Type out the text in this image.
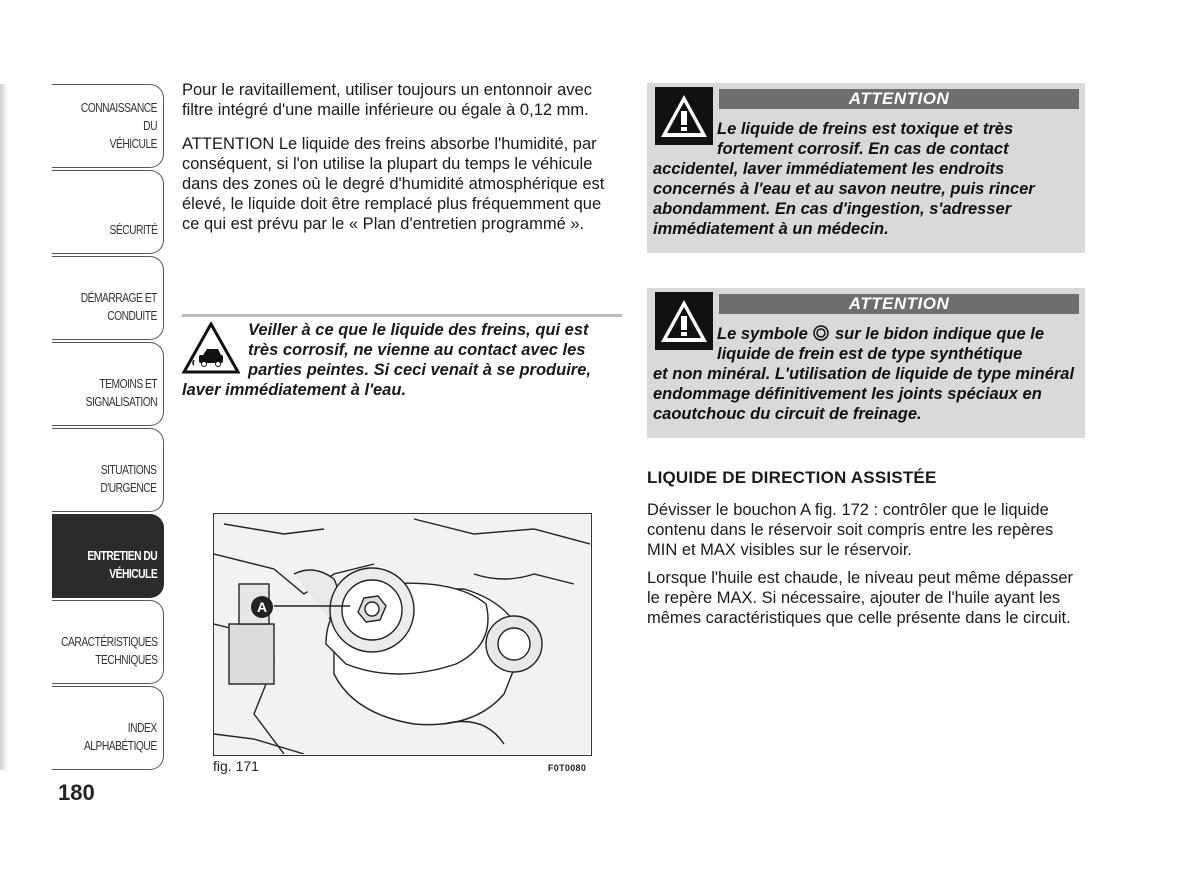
CONNAISSANCE DU
VÉHICULE
SÉCURITÉ
DÉMARRAGE ET
CONDUITE
TEMOINS ET
SIGNALISATION
SITUATIONS
D'URGENCE
ENTRETIEN DU
VÉHICULE
CARACTÉRISTIQUES
TECHNIQUES
INDEX
ALPHABÉTIQUE
180

Pour le ravitaillement, utiliser toujours un entonnoir avec filtre intégré d'une maille inférieure ou égale à 0,12 mm.

ATTENTION Le liquide des freins absorbe l'humidité, par conséquent, si l'on utilise la plupart du temps le véhicule dans des zones où le degré d'humidité atmosphérique est élevé, le liquide doit être remplacé plus fréquemment que ce qui est prévu par le « Plan d'entretien programmé ».

Veiller à ce que le liquide des freins, qui est très corrosif, ne vienne au contact avec les parties peintes. Si ceci venait à se produire, laver immédiatement à l'eau.
A
fig. 171	F0T0080
ATTENTION
Le liquide de freins est toxique et très fortement corrosif. En cas de contact
accidentel, laver immédiatement les endroits concernés à l'eau et au savon neutre, puis rincer abondamment. En cas d'ingestion, s'adresser immédiatement à un médecin.
ATTENTION
Le symbole sur le bidon indique que le liquide de frein est de type synthétique
et non minéral. L'utilisation de liquide de type minéral endommage définitivement les joints spéciaux en caoutchouc du circuit de freinage.
LIQUIDE DE DIRECTION ASSISTÉE

Dévisser le bouchon A fig. 172 : contrôler que le liquide contenu dans le réservoir soit compris entre les repères MIN et MAX visibles sur le réservoir.

Lorsque l'huile est chaude, le niveau peut même dépasser le repère MAX. Si nécessaire, ajouter de l'huile ayant les mêmes caractéristiques que celle présente dans le circuit.
